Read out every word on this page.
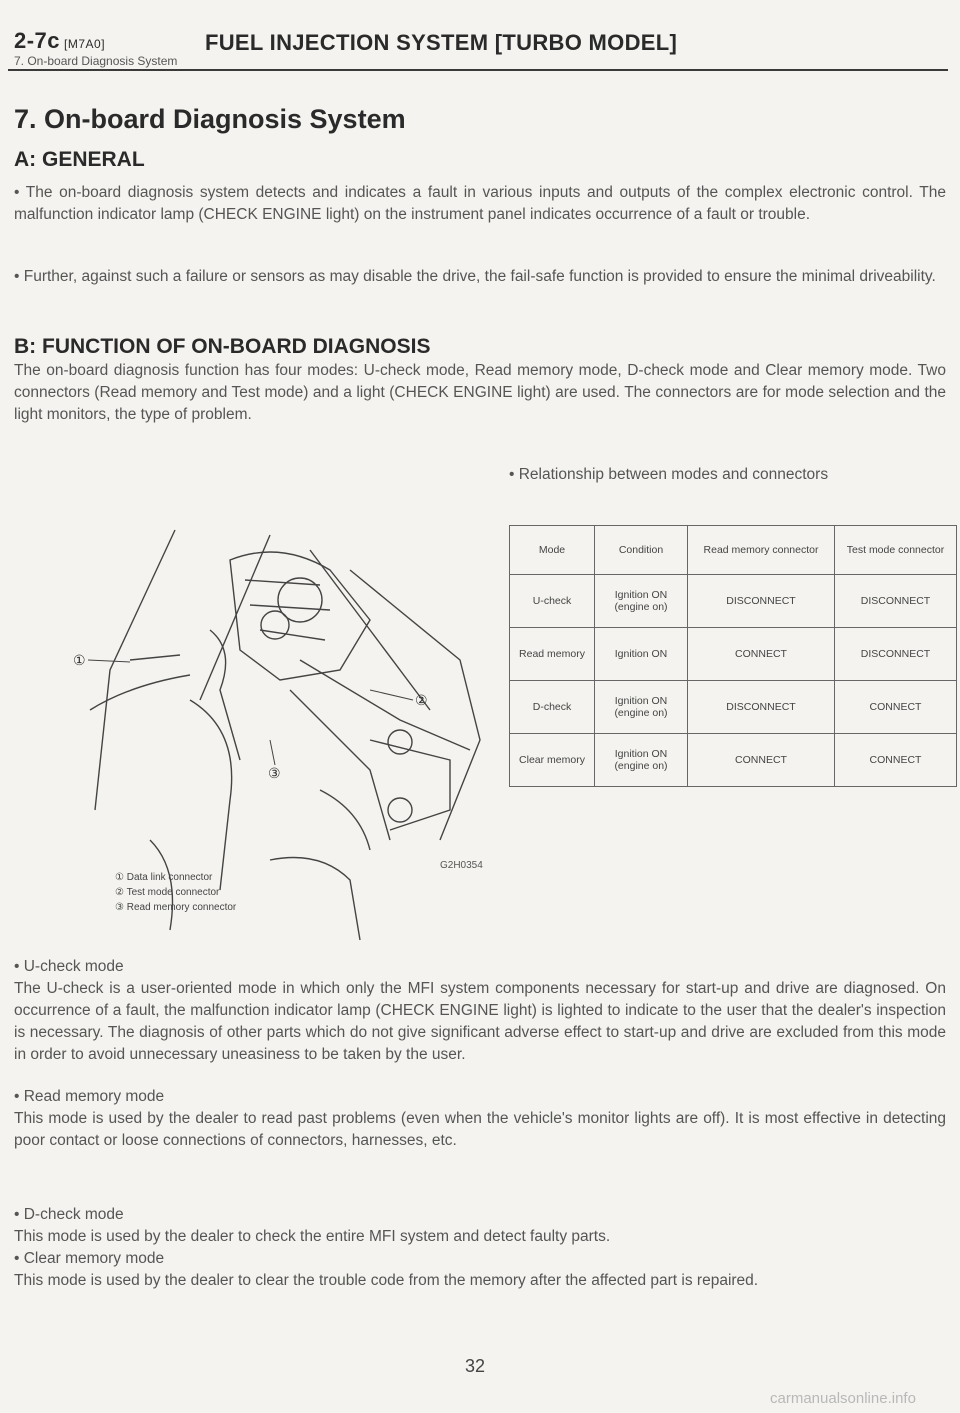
2-7c [M7A0]	FUEL INJECTION SYSTEM [TURBO MODEL]
7. On-board Diagnosis System
7. On-board Diagnosis System
A: GENERAL
• The on-board diagnosis system detects and indicates a fault in various inputs and outputs of the complex electronic control. The malfunction indicator lamp (CHECK ENGINE light) on the instrument panel indicates occurrence of a fault or trouble.
• Further, against such a failure or sensors as may disable the drive, the fail-safe function is provided to ensure the minimal driveability.
B: FUNCTION OF ON-BOARD DIAGNOSIS
The on-board diagnosis function has four modes: U-check mode, Read memory mode, D-check mode and Clear memory mode. Two connectors (Read memory and Test mode) and a light (CHECK ENGINE light) are used. The connectors are for mode selection and the light monitors, the type of problem.
• Relationship between modes and connectors
①
②
③
G2H0354
① Data link connector
② Test mode connector
③ Read memory connector
Mode	Condition	Read memory connector	Test mode connector
U-check	Ignition ON (engine on)	DISCONNECT	DISCONNECT
Read memory	Ignition ON	CONNECT	DISCONNECT
D-check	Ignition ON (engine on)	DISCONNECT	CONNECT
Clear memory	Ignition ON (engine on)	CONNECT	CONNECT
• U-check mode
The U-check is a user-oriented mode in which only the MFI system components necessary for start-up and drive are diagnosed. On occurrence of a fault, the malfunction indicator lamp (CHECK ENGINE light) is lighted to indicate to the user that the dealer's inspection is necessary. The diagnosis of other parts which do not give significant adverse effect to start-up and drive are excluded from this mode in order to avoid unnecessary uneasiness to be taken by the user.
• Read memory mode
This mode is used by the dealer to read past problems (even when the vehicle's monitor lights are off). It is most effective in detecting poor contact or loose connections of connectors, harnesses, etc.
• D-check mode
This mode is used by the dealer to check the entire MFI system and detect faulty parts.
• Clear memory mode
This mode is used by the dealer to clear the trouble code from the memory after the affected part is repaired.
32
carmanualsonline.info
